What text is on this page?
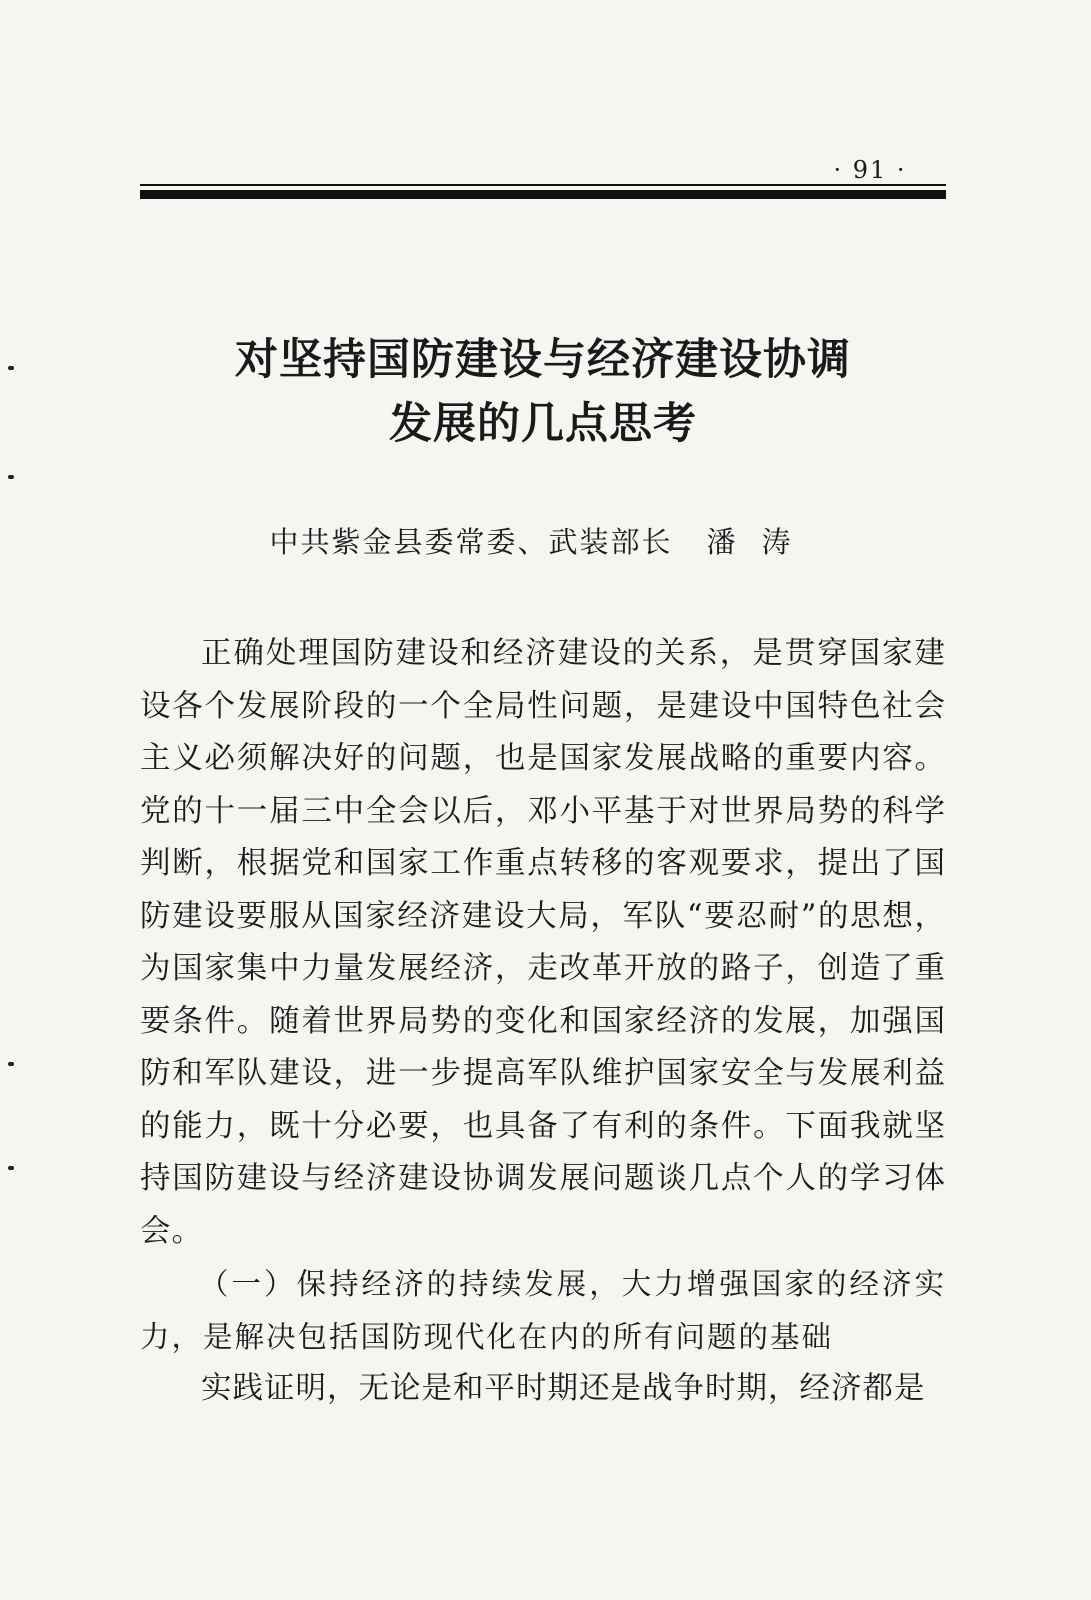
· 91 ·
对坚持国防建设与经济建设协调
发展的几点思考
中共紫金县委常委、武装部长 潘涛

正确处理国防建设和经济建设的关系，是贯穿国家建设各个发展阶段的一个全局性问题，是建设中国特色社会主义必须解决好的问题，也是国家发展战略的重要内容。党的十一届三中全会以后，邓小平基于对世界局势的科学判断，根据党和国家工作重点转移的客观要求，提出了国防建设要服从国家经济建设大局，军队“要忍耐”的思想，为国家集中力量发展经济，走改革开放的路子，创造了重要条件。随着世界局势的变化和国家经济的发展，加强国防和军队建设，进一步提高军队维护国家安全与发展利益的能力，既十分必要，也具备了有利的条件。下面我就坚持国防建设与经济建设协调发展问题谈几点个人的学习体会。

（一）保持经济的持续发展，大力增强国家的经济实力，是解决包括国防现代化在内的所有问题的基础

实践证明，无论是和平时期还是战争时期，经济都是
